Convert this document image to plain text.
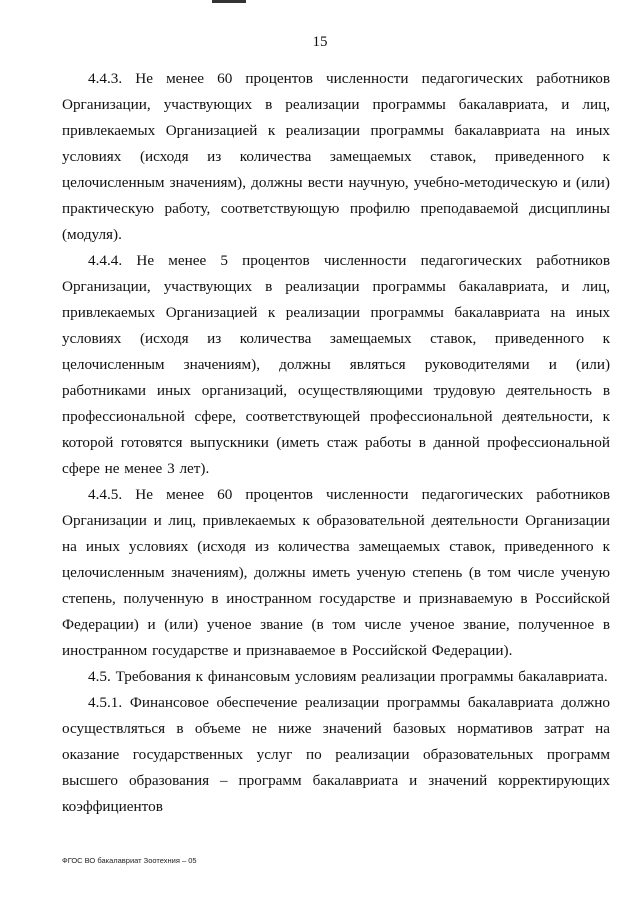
15

4.4.3. Не менее 60 процентов численности педагогических работников Организации, участвующих в реализации программы бакалавриата, и лиц, привлекаемых Организацией к реализации программы бакалавриата на иных условиях (исходя из количества замещаемых ставок, приведенного к целочисленным значениям), должны вести научную, учебно-методическую и (или) практическую работу, соответствующую профилю преподаваемой дисциплины (модуля).

4.4.4. Не менее 5 процентов численности педагогических работников Организации, участвующих в реализации программы бакалавриата, и лиц, привлекаемых Организацией к реализации программы бакалавриата на иных условиях (исходя из количества замещаемых ставок, приведенного к целочисленным значениям), должны являться руководителями и (или) работниками иных организаций, осуществляющими трудовую деятельность в профессиональной сфере, соответствующей профессиональной деятельности, к которой готовятся выпускники (иметь стаж работы в данной профессиональной сфере не менее 3 лет).

4.4.5. Не менее 60 процентов численности педагогических работников Организации и лиц, привлекаемых к образовательной деятельности Организации на иных условиях (исходя из количества замещаемых ставок, приведенного к целочисленным значениям), должны иметь ученую степень (в том числе ученую степень, полученную в иностранном государстве и признаваемую в Российской Федерации) и (или) ученое звание (в том числе ученое звание, полученное в иностранном государстве и признаваемое в Российской Федерации).

4.5. Требования к финансовым условиям реализации программы бакалавриата.

4.5.1. Финансовое обеспечение реализации программы бакалавриата должно осуществляться в объеме не ниже значений базовых нормативов затрат на оказание государственных услуг по реализации образовательных программ высшего образования – программ бакалавриата и значений корректирующих коэффициентов

ФГОС ВО бакалавриат Зоотехния – 05
